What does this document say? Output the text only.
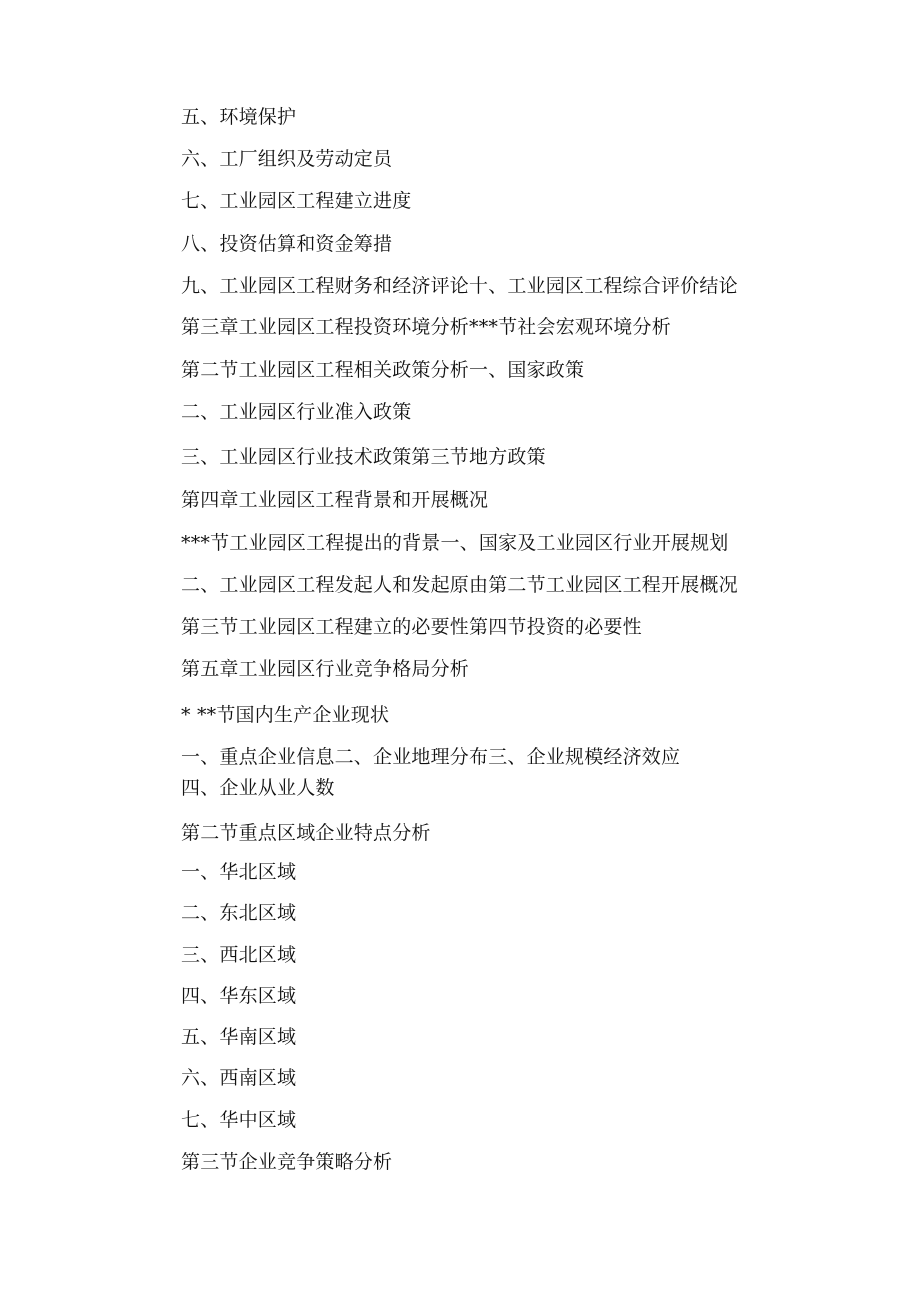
五、环境保护
六、工厂组织及劳动定员
七、工业园区工程建立进度
八、投资估算和资金筹措
九、工业园区工程财务和经济评论十、工业园区工程综合评价结论
第三章工业园区工程投资环境分析***节社会宏观环境分析
第二节工业园区工程相关政策分析一、国家政策
二、工业园区行业准入政策
三、工业园区行业技术政策第三节地方政策
第四章工业园区工程背景和开展概况
***节工业园区工程提出的背景一、国家及工业园区行业开展规划
二、工业园区工程发起人和发起原由第二节工业园区工程开展概况
第三节工业园区工程建立的必要性第四节投资的必要性
第五章工业园区行业竞争格局分析
* **节国内生产企业现状
一、重点企业信息二、企业地理分布三、企业规模经济效应
四、企业从业人数
第二节重点区域企业特点分析
一、华北区域
二、东北区域
三、西北区域
四、华东区域
五、华南区域
六、西南区域
七、华中区域
第三节企业竞争策略分析
